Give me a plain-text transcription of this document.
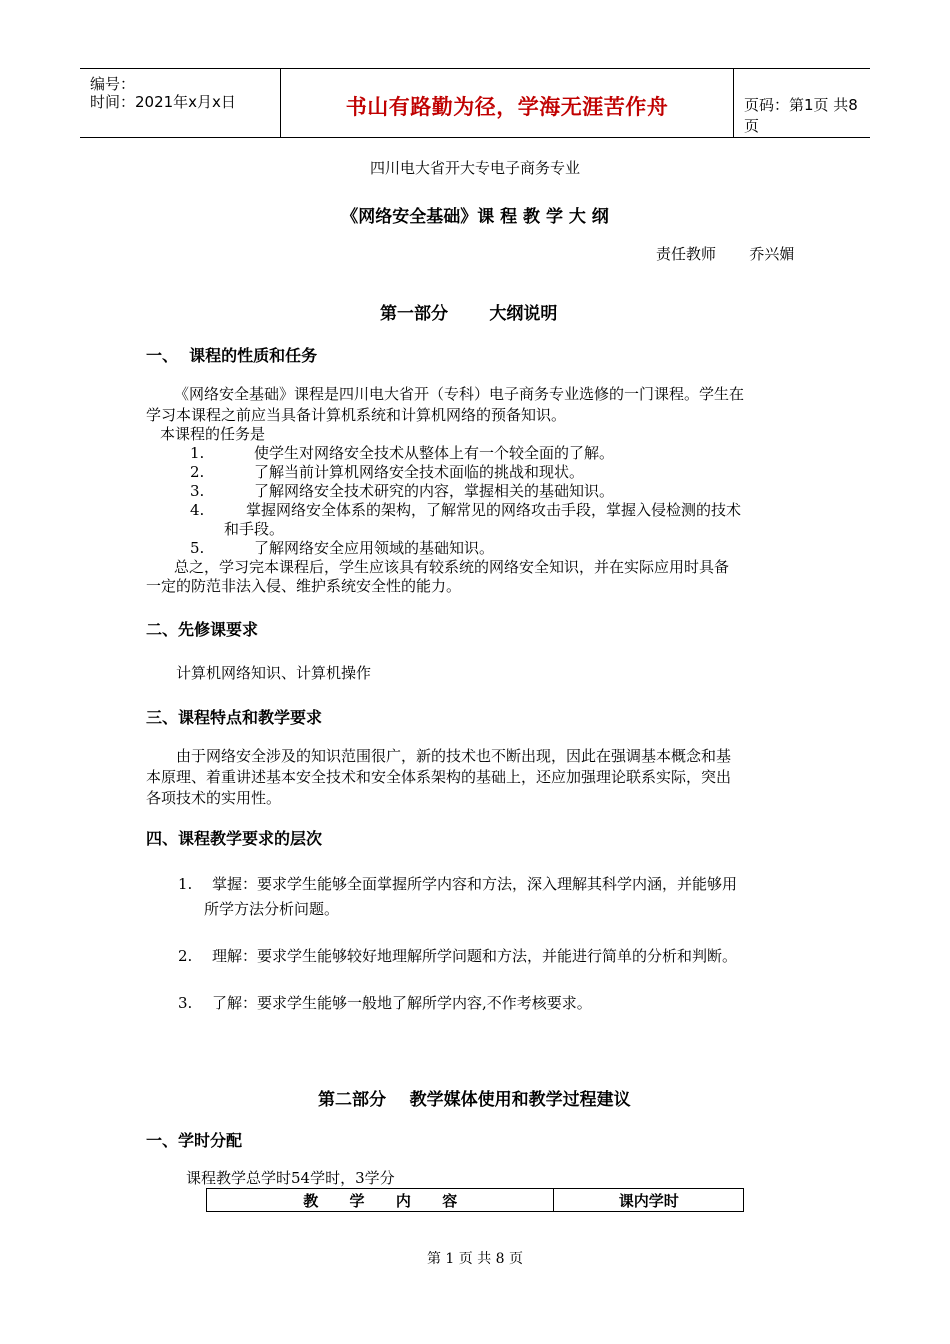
编号：
时间：2021年x月x日	书山有路勤为径，学海无涯苦作舟	页码：第1页 共8页
四川电大省开大专电子商务专业
《网络安全基础》课 程 教 学 大 纲
责任教师       乔兴媚
第一部分       大纲说明
一、  课程的性质和任务
《网络安全基础》课程是四川电大省开（专科）电子商务专业选修的一门课程。学生在
学习本课程之前应当具备计算机系统和计算机网络的预备知识。
本课程的任务是
1.	使学生对网络安全技术从整体上有一个较全面的了解。
2.	了解当前计算机网络安全技术面临的挑战和现状。
3.	了解网络安全技术研究的内容，掌握相关的基础知识。
4.	掌握网络安全体系的架构，了解常见的网络攻击手段，掌握入侵检测的技术
和手段。
5.	了解网络安全应用领域的基础知识。
总之，学习完本课程后，学生应该具有较系统的网络安全知识，并在实际应用时具备
一定的防范非法入侵、维护系统安全性的能力。
二、先修课要求
计算机网络知识、计算机操作
三、课程特点和教学要求
由于网络安全涉及的知识范围很广，新的技术也不断出现，因此在强调基本概念和基
本原理、着重讲述基本安全技术和安全体系架构的基础上，还应加强理论联系实际，突出
各项技术的实用性。
四、课程教学要求的层次
1. 掌握：要求学生能够全面掌握所学内容和方法，深入理解其科学内涵，并能够用
所学方法分析问题。
2. 理解：要求学生能够较好地理解所学问题和方法，并能进行简单的分析和判断。
3. 了解：要求学生能够一般地了解所学内容,不作考核要求。
第二部分    教学媒体使用和教学过程建议
一、学时分配
课程教学总学时54学时，3学分
教      学      内      容	课内学时
第 1 页 共 8 页
